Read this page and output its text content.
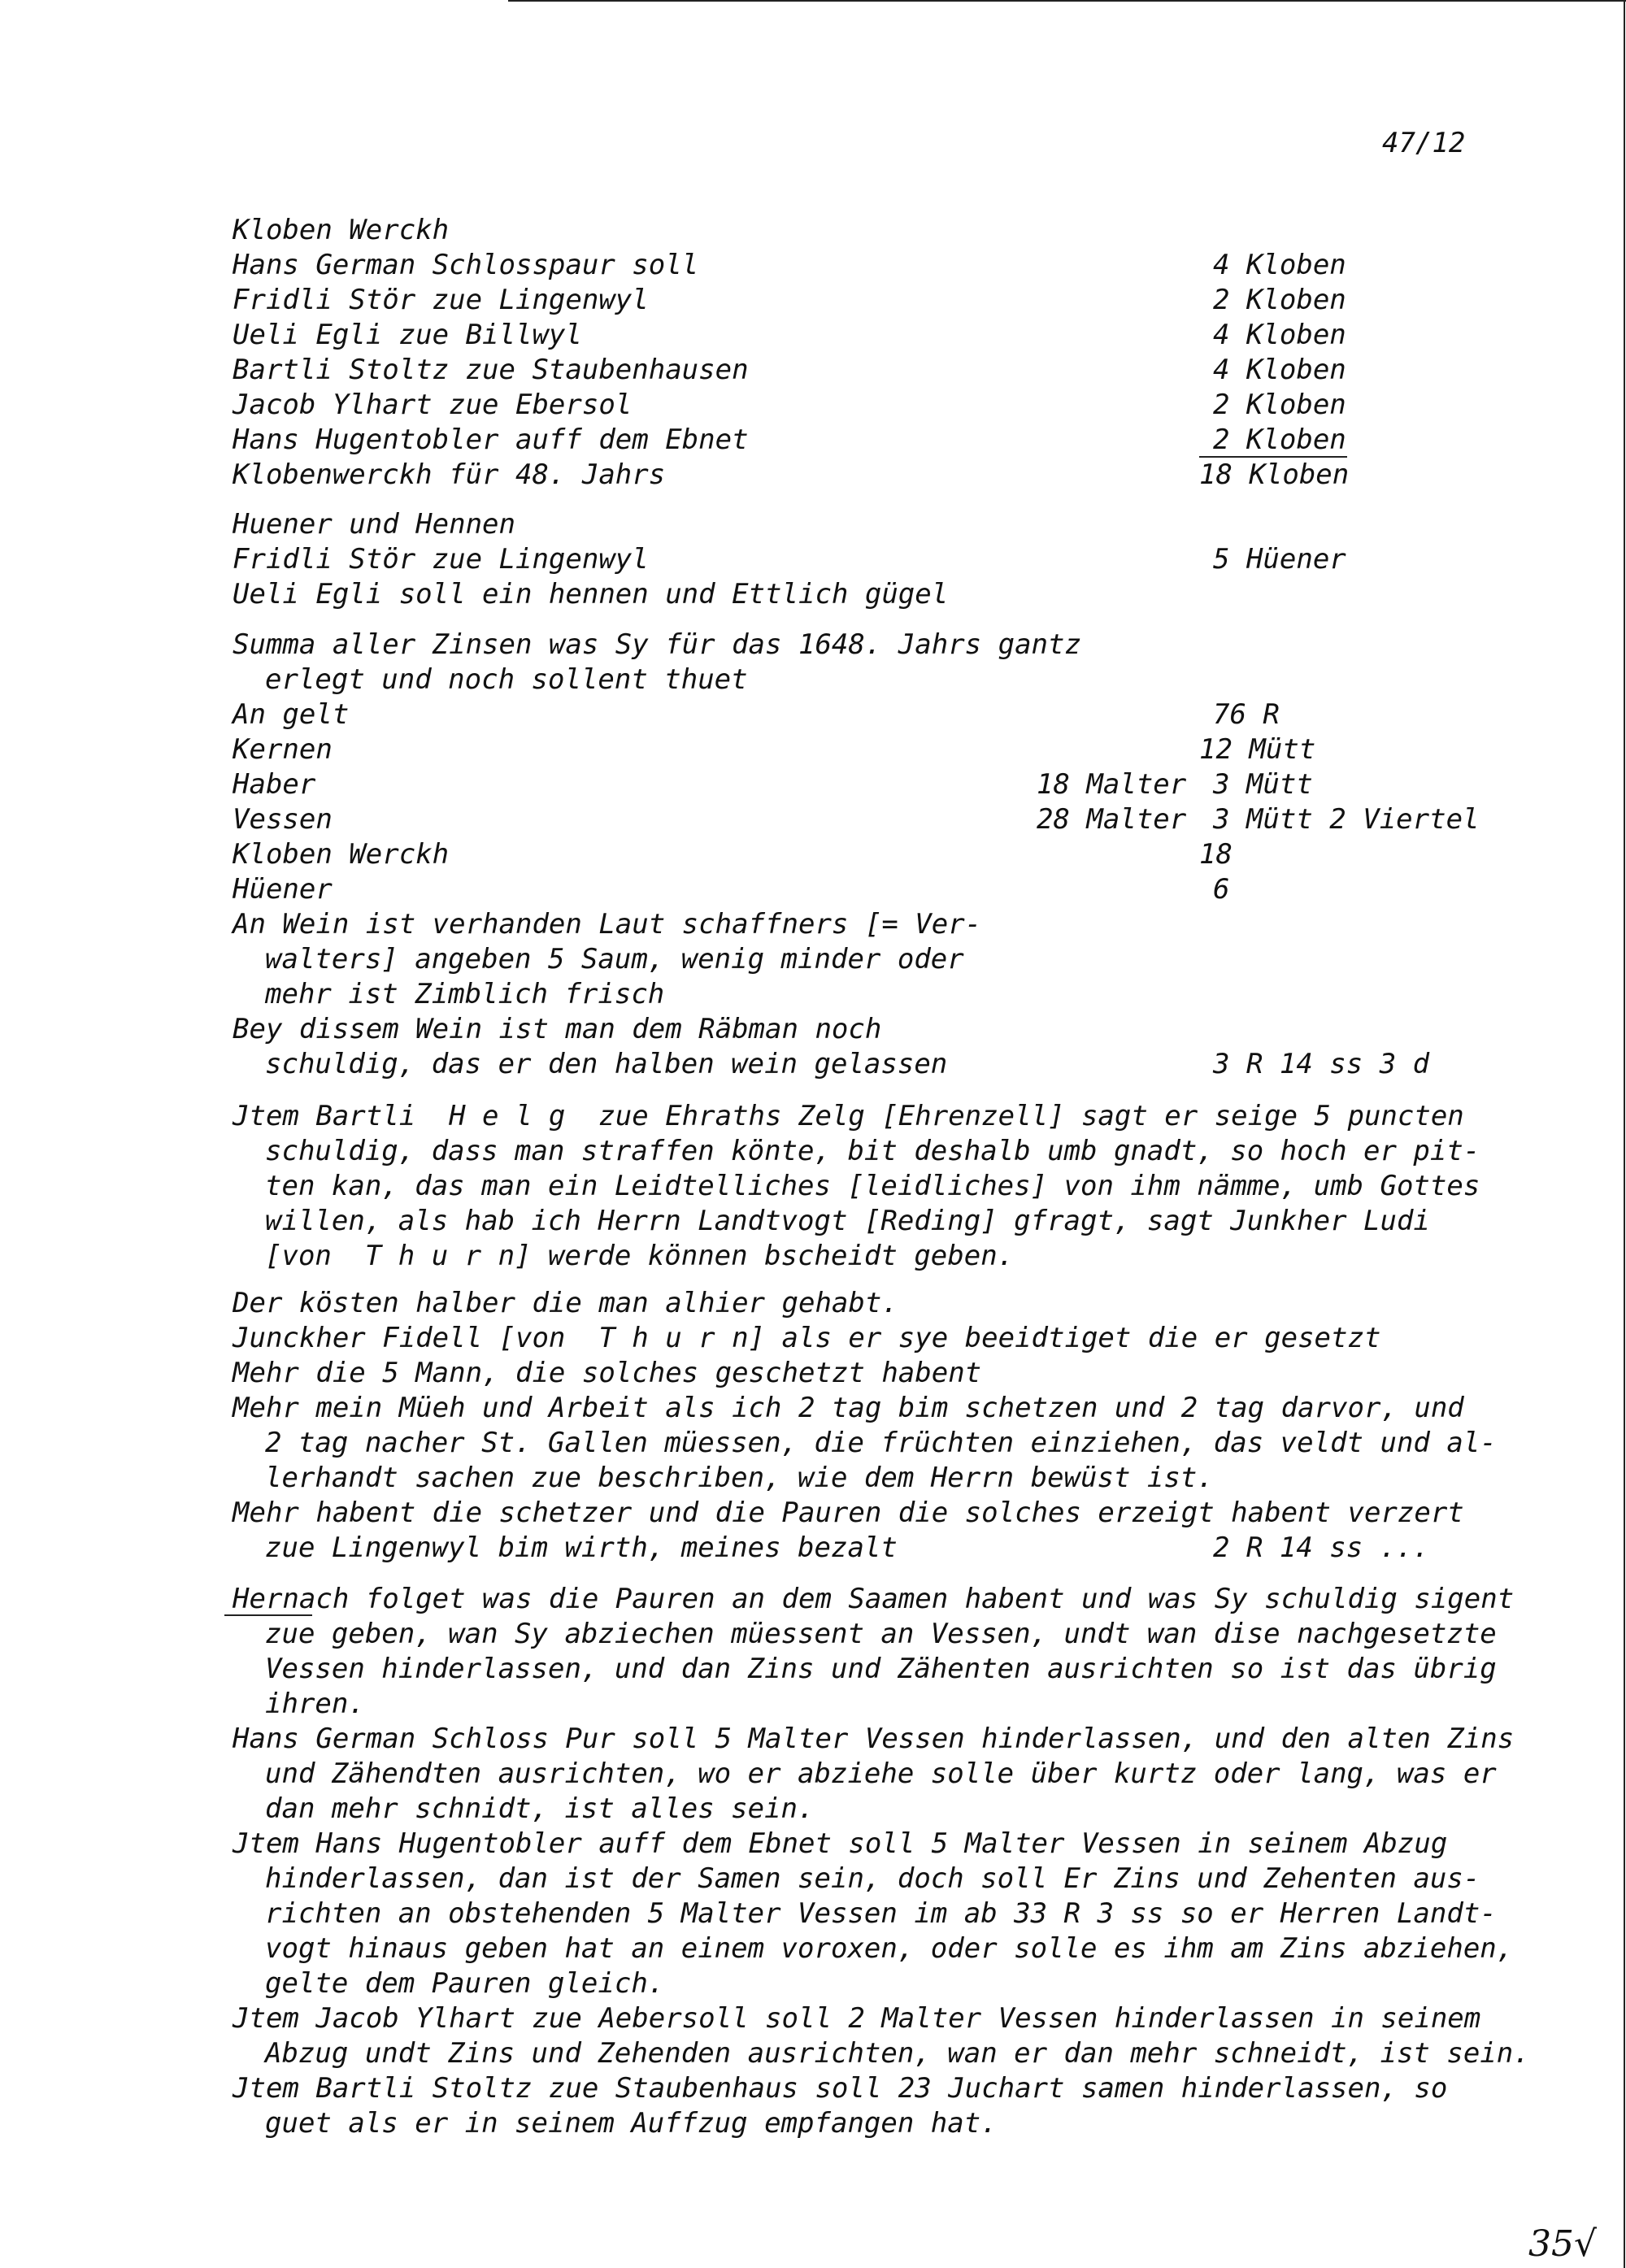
47/12
Kloben Werckh
Hans German Schlosspaur soll	4 Kloben
Fridli Stör zue Lingenwyl	2 Kloben
Ueli Egli zue Billwyl	4 Kloben
Bartli Stoltz zue Staubenhausen	4 Kloben
Jacob Ylhart zue Ebersol	2 Kloben
Hans Hugentobler auff dem Ebnet	2 Kloben
Klobenwerckh für 48. Jahrs	18 Kloben
Huener und Hennen
Fridli Stör zue Lingenwyl	5 Hüener
Ueli Egli soll ein hennen und Ettlich gügel
Summa aller Zinsen was Sy für das 1648. Jahrs gantz
erlegt und noch sollent thuet
An gelt	76 R
Kernen	12 Mütt
Haber	18 Malter 3 Mütt
Vessen	28 Malter 3 Mütt 2 Viertel
Kloben Werckh	18
Hüener	6
An Wein ist verhanden Laut schaffners [= Ver-
walters] angeben 5 Saum, wenig minder oder
mehr ist Zimblich frisch
Bey dissem Wein ist man dem Räbman noch
schuldig, das er den halben wein gelassen	3 R 14 ss 3 d
Jtem Bartli  H e l g  zue Ehraths Zelg [Ehrenzell] sagt er seige 5 puncten
schuldig, dass man straffen könte, bit deshalb umb gnadt, so hoch er pit-
ten kan, das man ein Leidtelliches [leidliches] von ihm nämme, umb Gottes
willen, als hab ich Herrn Landtvogt [Reding] gfragt, sagt Junkher Ludi
[von  T h u r n] werde können bscheidt geben.
Der kösten halber die man alhier gehabt.
Junckher Fidell [von  T h u r n] als er sye beeidtiget die er gesetzt
Mehr die 5 Mann, die solches geschetzt habent
Mehr mein Müeh und Arbeit als ich 2 tag bim schetzen und 2 tag darvor, und
2 tag nacher St. Gallen müessen, die früchten einziehen, das veldt und al-
lerhandt sachen zue beschriben, wie dem Herrn bewüst ist.
Mehr habent die schetzer und die Pauren die solches erzeigt habent verzert
zue Lingenwyl bim wirth, meines bezalt	2 R 14 ss ...
Hernach folget was die Pauren an dem Saamen habent und was Sy schuldig sigent
zue geben, wan Sy abziechen müessent an Vessen, undt wan dise nachgesetzte
Vessen hinderlassen, und dan Zins und Zähenten ausrichten so ist das übrig
ihren.
Hans German Schloss Pur soll 5 Malter Vessen hinderlassen, und den alten Zins
und Zähendten ausrichten, wo er abziehe solle über kurtz oder lang, was er
dan mehr schnidt, ist alles sein.
Jtem Hans Hugentobler auff dem Ebnet soll 5 Malter Vessen in seinem Abzug
hinderlassen, dan ist der Samen sein, doch soll Er Zins und Zehenten aus-
richten an obstehenden 5 Malter Vessen im ab 33 R 3 ss so er Herren Landt-
vogt hinaus geben hat an einem voroxen, oder solle es ihm am Zins abziehen,
gelte dem Pauren gleich.
Jtem Jacob Ylhart zue Aebersoll soll 2 Malter Vessen hinderlassen in seinem
Abzug undt Zins und Zehenden ausrichten, wan er dan mehr schneidt, ist sein.
Jtem Bartli Stoltz zue Staubenhaus soll 23 Juchart samen hinderlassen, so
guet als er in seinem Auffzug empfangen hat.
35√
